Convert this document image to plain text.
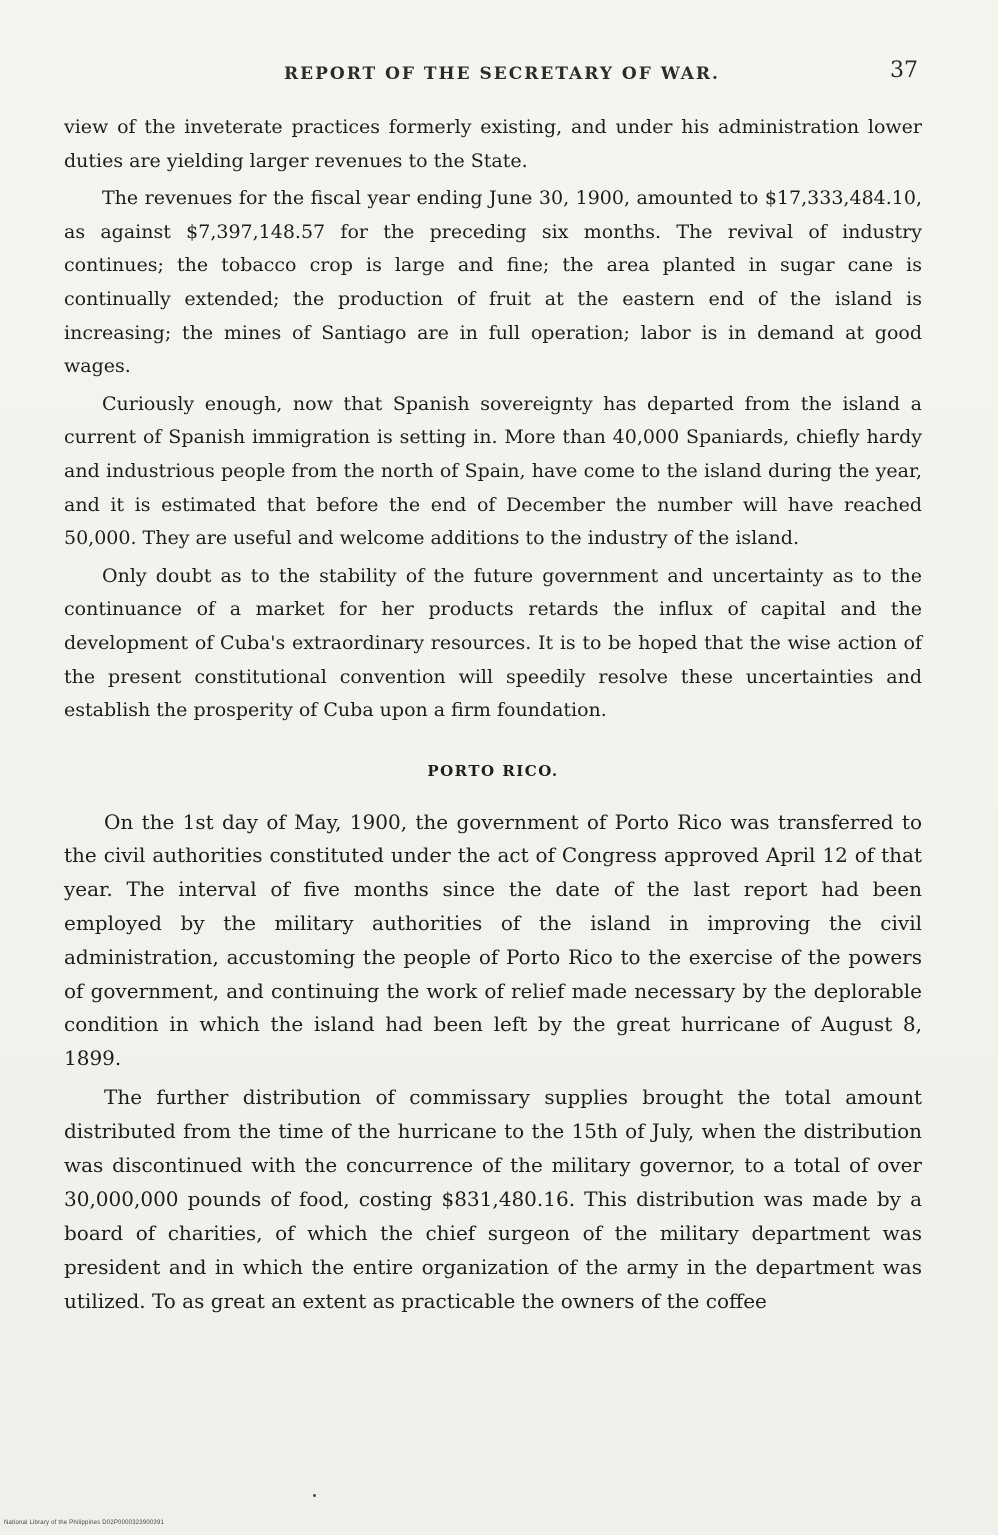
REPORT OF THE SECRETARY OF WAR.	37

view of the inveterate practices formerly existing, and under his administration lower duties are yielding larger revenues to the State.

The revenues for the fiscal year ending June 30, 1900, amounted to $17,333,484.10, as against $7,397,148.57 for the preceding six months. The revival of industry continues; the tobacco crop is large and fine; the area planted in sugar cane is continually extended; the production of fruit at the eastern end of the island is increasing; the mines of Santiago are in full operation; labor is in demand at good wages.

Curiously enough, now that Spanish sovereignty has departed from the island a current of Spanish immigration is setting in. More than 40,000 Spaniards, chiefly hardy and industrious people from the north of Spain, have come to the island during the year, and it is estimated that before the end of December the number will have reached 50,000. They are useful and welcome additions to the industry of the island.

Only doubt as to the stability of the future government and uncertainty as to the continuance of a market for her products retards the influx of capital and the development of Cuba's extraordinary resources. It is to be hoped that the wise action of the present constitutional convention will speedily resolve these uncertainties and establish the prosperity of Cuba upon a firm foundation.

PORTO RICO.

On the 1st day of May, 1900, the government of Porto Rico was transferred to the civil authorities constituted under the act of Congress approved April 12 of that year. The interval of five months since the date of the last report had been employed by the military authorities of the island in improving the civil administration, accustoming the people of Porto Rico to the exercise of the powers of government, and continuing the work of relief made necessary by the deplorable condition in which the island had been left by the great hurricane of August 8, 1899.

The further distribution of commissary supplies brought the total amount distributed from the time of the hurricane to the 15th of July, when the distribution was discontinued with the concurrence of the military governor, to a total of over 30,000,000 pounds of food, costing $831,480.16. This distribution was made by a board of charities, of which the chief surgeon of the military department was president and in which the entire organization of the army in the department was utilized. To as great an extent as practicable the owners of the coffee

National Library of the Philippines D02P0000323900391
